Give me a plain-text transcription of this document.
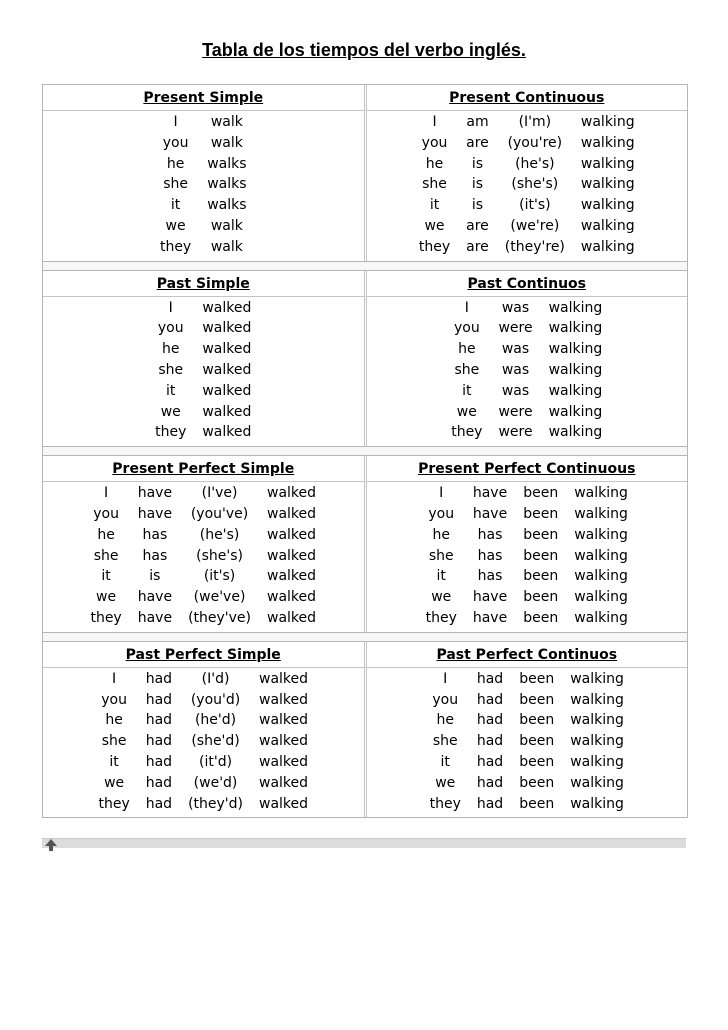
Tabla de los tiempos del verbo inglés.
Present Simple	Present Continuous
I	walk
you	walk
he	walks
she	walks
it	walks
we	walk
they	walk
I	am	(I'm)	walking
you	are	(you're)	walking
he	is	(he's)	walking
she	is	(she's)	walking
it	is	(it's)	walking
we	are	(we're)	walking
they	are	(they're)	walking
Past Simple	Past Continuos
I	walked
you	walked
he	walked
she	walked
it	walked
we	walked
they	walked
I	was	walking
you	were	walking
he	was	walking
she	was	walking
it	was	walking
we	were	walking
they	were	walking
Present Perfect Simple	Present Perfect Continuous
I	have	(I've)	walked
you	have	(you've)	walked
he	has	(he's)	walked
she	has	(she's)	walked
it	is	(it's)	walked
we	have	(we've)	walked
they	have	(they've)	walked
I	have	been	walking
you	have	been	walking
he	has	been	walking
she	has	been	walking
it	has	been	walking
we	have	been	walking
they	have	been	walking
Past Perfect Simple	Past Perfect Continuos
I	had	(I'd)	walked
you	had	(you'd)	walked
he	had	(he'd)	walked
she	had	(she'd)	walked
it	had	(it'd)	walked
we	had	(we'd)	walked
they	had	(they'd)	walked
I	had	been	walking
you	had	been	walking
he	had	been	walking
she	had	been	walking
it	had	been	walking
we	had	been	walking
they	had	been	walking
